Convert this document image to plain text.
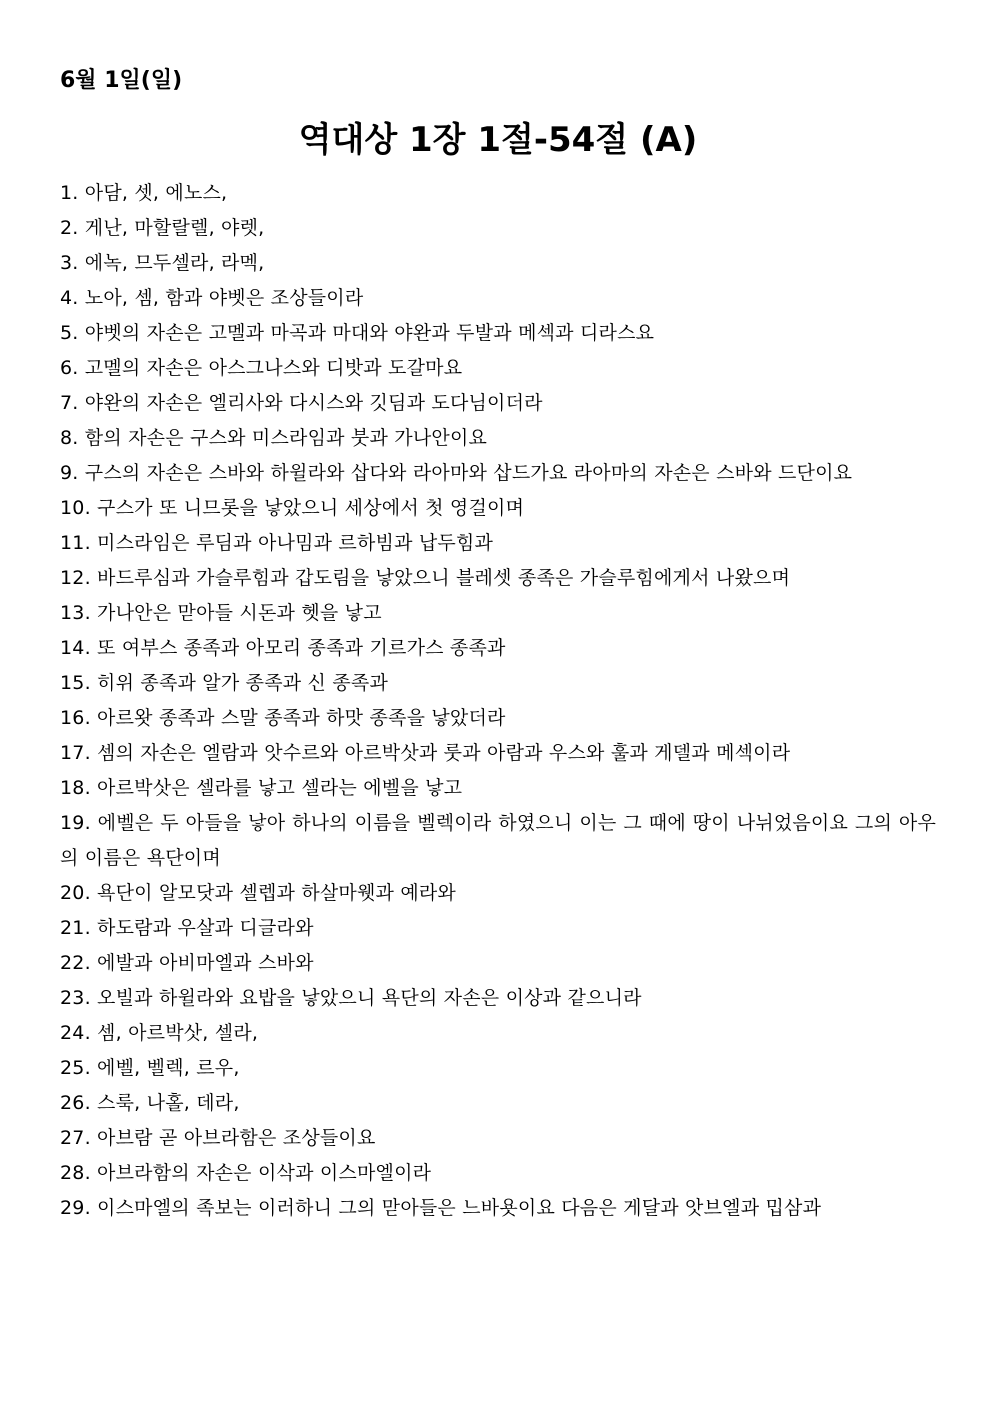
6월 1일(일)
역대상 1장 1절-54절 (A)
1. 아담, 셋, 에노스,
2. 게난, 마할랄렐, 야렛,
3. 에녹, 므두셀라, 라멕,
4. 노아, 셈, 함과 야벳은 조상들이라
5. 야벳의 자손은 고멜과 마곡과 마대와 야완과 두발과 메섹과 디라스요
6. 고멜의 자손은 아스그나스와 디밧과 도갈마요
7. 야완의 자손은 엘리사와 다시스와 깃딤과 도다님이더라
8. 함의 자손은 구스와 미스라임과 붓과 가나안이요
9. 구스의 자손은 스바와 하윌라와 삽다와 라아마와 삽드가요 라아마의 자손은 스바와 드단이요
10. 구스가 또 니므롯을 낳았으니 세상에서 첫 영걸이며
11. 미스라임은 루딤과 아나밈과 르하빔과 납두힘과
12. 바드루심과 가슬루힘과 갑도림을 낳았으니 블레셋 종족은 가슬루힘에게서 나왔으며
13. 가나안은 맏아들 시돈과 헷을 낳고
14. 또 여부스 종족과 아모리 종족과 기르가스 종족과
15. 히위 종족과 알가 종족과 신 종족과
16. 아르왓 종족과 스말 종족과 하맛 종족을 낳았더라
17. 셈의 자손은 엘람과 앗수르와 아르박삿과 룻과 아람과 우스와 훌과 게델과 메섹이라
18. 아르박삿은 셀라를 낳고 셀라는 에벨을 낳고
19. 에벨은 두 아들을 낳아 하나의 이름을 벨렉이라 하였으니 이는 그 때에 땅이 나뉘었음이요 그의 아우의 이름은 욕단이며
20. 욕단이 알모닷과 셀렙과 하살마웻과 예라와
21. 하도람과 우살과 디글라와
22. 에발과 아비마엘과 스바와
23. 오빌과 하윌라와 요밥을 낳았으니 욕단의 자손은 이상과 같으니라
24. 셈, 아르박삿, 셀라,
25. 에벨, 벨렉, 르우,
26. 스룩, 나홀, 데라,
27. 아브람 곧 아브라함은 조상들이요
28. 아브라함의 자손은 이삭과 이스마엘이라
29. 이스마엘의 족보는 이러하니 그의 맏아들은 느바욧이요 다음은 게달과 앗브엘과 밉삼과
